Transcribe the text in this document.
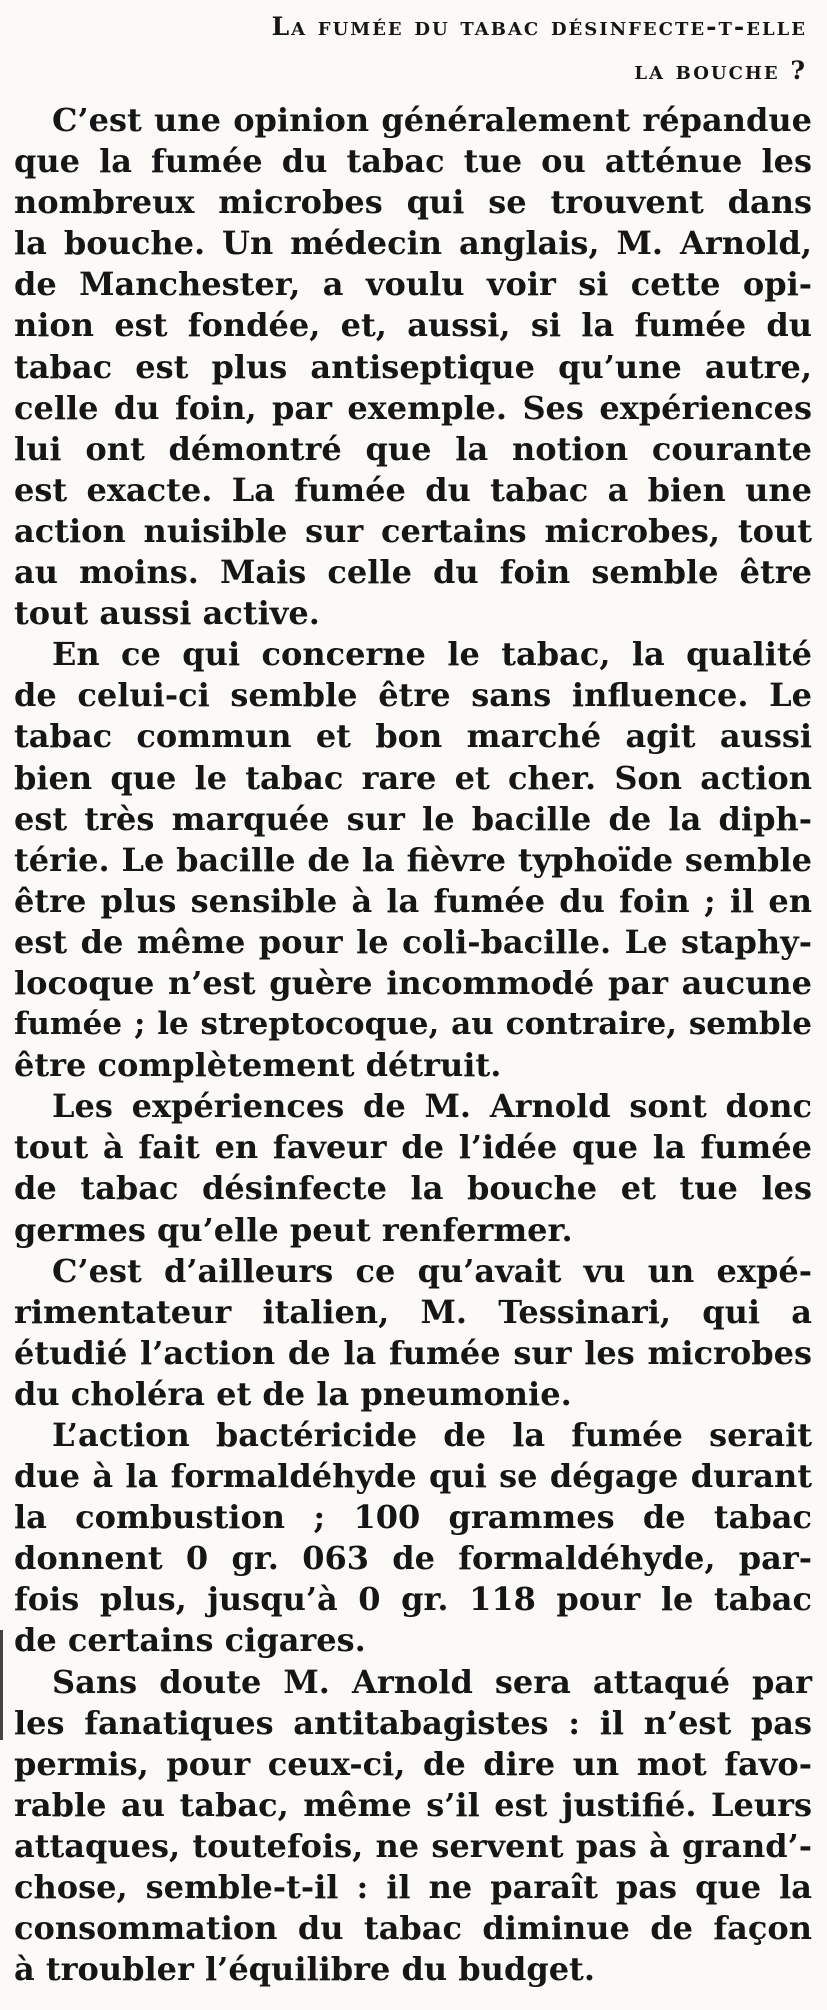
La fumée du tabac désinfecte-t-elle
la bouche ?
C’est une opinion généralement répandue
que la fumée du tabac tue ou atténue les
nombreux microbes qui se trouvent dans
la bouche. Un médecin anglais, M. Arnold,
de Manchester, a voulu voir si cette opi-
nion est fondée, et, aussi, si la fumée du
tabac est plus antiseptique qu’une autre,
celle du foin, par exemple. Ses expériences
lui ont démontré que la notion courante
est exacte. La fumée du tabac a bien une
action nuisible sur certains microbes, tout
au moins. Mais celle du foin semble être
tout aussi active.
En ce qui concerne le tabac, la qualité
de celui-ci semble être sans influence. Le
tabac commun et bon marché agit aussi
bien que le tabac rare et cher. Son action
est très marquée sur le bacille de la diph-
térie. Le bacille de la fièvre typhoïde semble
être plus sensible à la fumée du foin ; il en
est de même pour le coli-bacille. Le staphy-
locoque n’est guère incommodé par aucune
fumée ; le streptocoque, au contraire, semble
être complètement détruit.
Les expériences de M. Arnold sont donc
tout à fait en faveur de l’idée que la fumée
de tabac désinfecte la bouche et tue les
germes qu’elle peut renfermer.
C’est d’ailleurs ce qu’avait vu un expé-
rimentateur italien, M. Tessinari, qui a
étudié l’action de la fumée sur les microbes
du choléra et de la pneumonie.
L’action bactéricide de la fumée serait
due à la formaldéhyde qui se dégage durant
la combustion ; 100 grammes de tabac
donnent 0 gr. 063 de formaldéhyde, par-
fois plus, jusqu’à 0 gr. 118 pour le tabac
de certains cigares.
Sans doute M. Arnold sera attaqué par
les fanatiques antitabagistes : il n’est pas
permis, pour ceux-ci, de dire un mot favo-
rable au tabac, même s’il est justifié. Leurs
attaques, toutefois, ne servent pas à grand’-
chose, semble-t-il : il ne paraît pas que la
consommation du tabac diminue de façon
à troubler l’équilibre du budget.
